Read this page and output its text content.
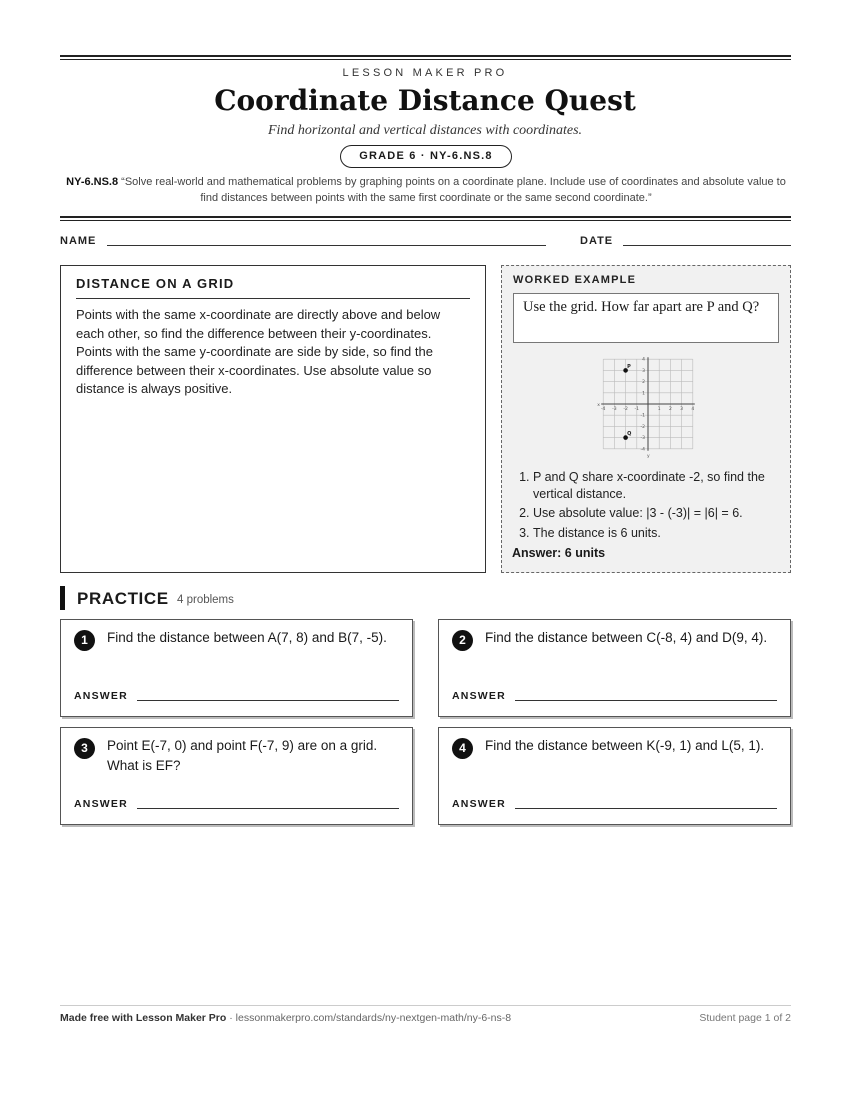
LESSON MAKER PRO
Coordinate Distance Quest
Find horizontal and vertical distances with coordinates.
GRADE 6 · NY-6.NS.8
NY-6.NS.8 “Solve real-world and mathematical problems by graphing points on a coordinate plane. Include use of coordinates and absolute value to find distances between points with the same first coordinate or the same second coordinate.”
NAME	DATE
DISTANCE ON A GRID

Points with the same x-coordinate are directly above and below each other, so find the difference between their y-coordinates. Points with the same y-coordinate are side by side, so find the difference between their x-coordinates. Use absolute value so distance is always positive.

WORKED EXAMPLE
Use the grid. How far apart are P and Q?
1. P and Q share x-coordinate -2, so find the vertical distance.
2. Use absolute value: |3 - (-3)| = |6| = 6.
3. The distance is 6 units.
Answer: 6 units
-4 -3 -2 -1	1 2 3 4
4
3
2
1
-1
-2
-3
-4
x
y
P
Q
PRACTICE 4 problems
1	Find the distance between A(7, 8) and B(7, -5).
ANSWER
2	Find the distance between C(-8, 4) and D(9, 4).
ANSWER
3	Point E(-7, 0) and point F(-7, 9) are on a grid. What is EF?
ANSWER
4	Find the distance between K(-9, 1) and L(5, 1).
ANSWER
Made free with Lesson Maker Pro · lessonmakerpro.com/standards/ny-nextgen-math/ny-6-ns-8	Student page 1 of 2
